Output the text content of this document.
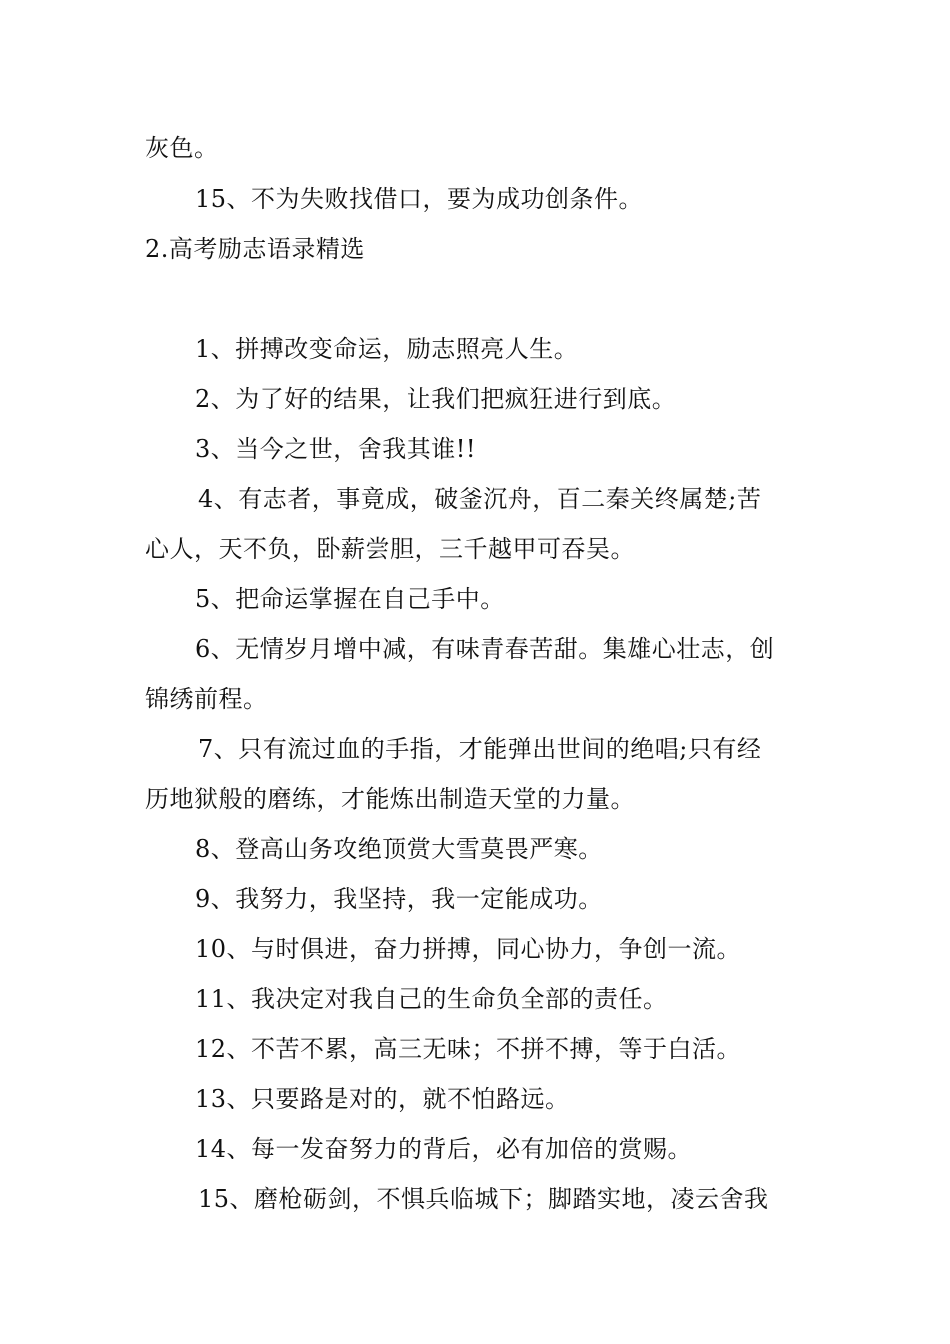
灰色。
15、不为失败找借口，要为成功创条件。
2.高考励志语录精选
1、拼搏改变命运，励志照亮人生。
2、为了好的结果，让我们把疯狂进行到底。
3、当今之世，舍我其谁!!
4、有志者，事竟成，破釜沉舟，百二秦关终属楚;苦
心人，天不负，卧薪尝胆，三千越甲可吞吴。
5、把命运掌握在自己手中。
6、无情岁月增中减，有味青春苦甜。集雄心壮志，创
锦绣前程。
7、只有流过血的手指，才能弹出世间的绝唱;只有经
历地狱般的磨练，才能炼出制造天堂的力量。
8、登高山务攻绝顶赏大雪莫畏严寒。
9、我努力，我坚持，我一定能成功。
10、与时俱进，奋力拼搏，同心协力，争创一流。
11、我决定对我自己的生命负全部的责任。
12、不苦不累，高三无味；不拼不搏，等于白活。
13、只要路是对的，就不怕路远。
14、每一发奋努力的背后，必有加倍的赏赐。
15、磨枪砺剑，不惧兵临城下；脚踏实地，凌云舍我
